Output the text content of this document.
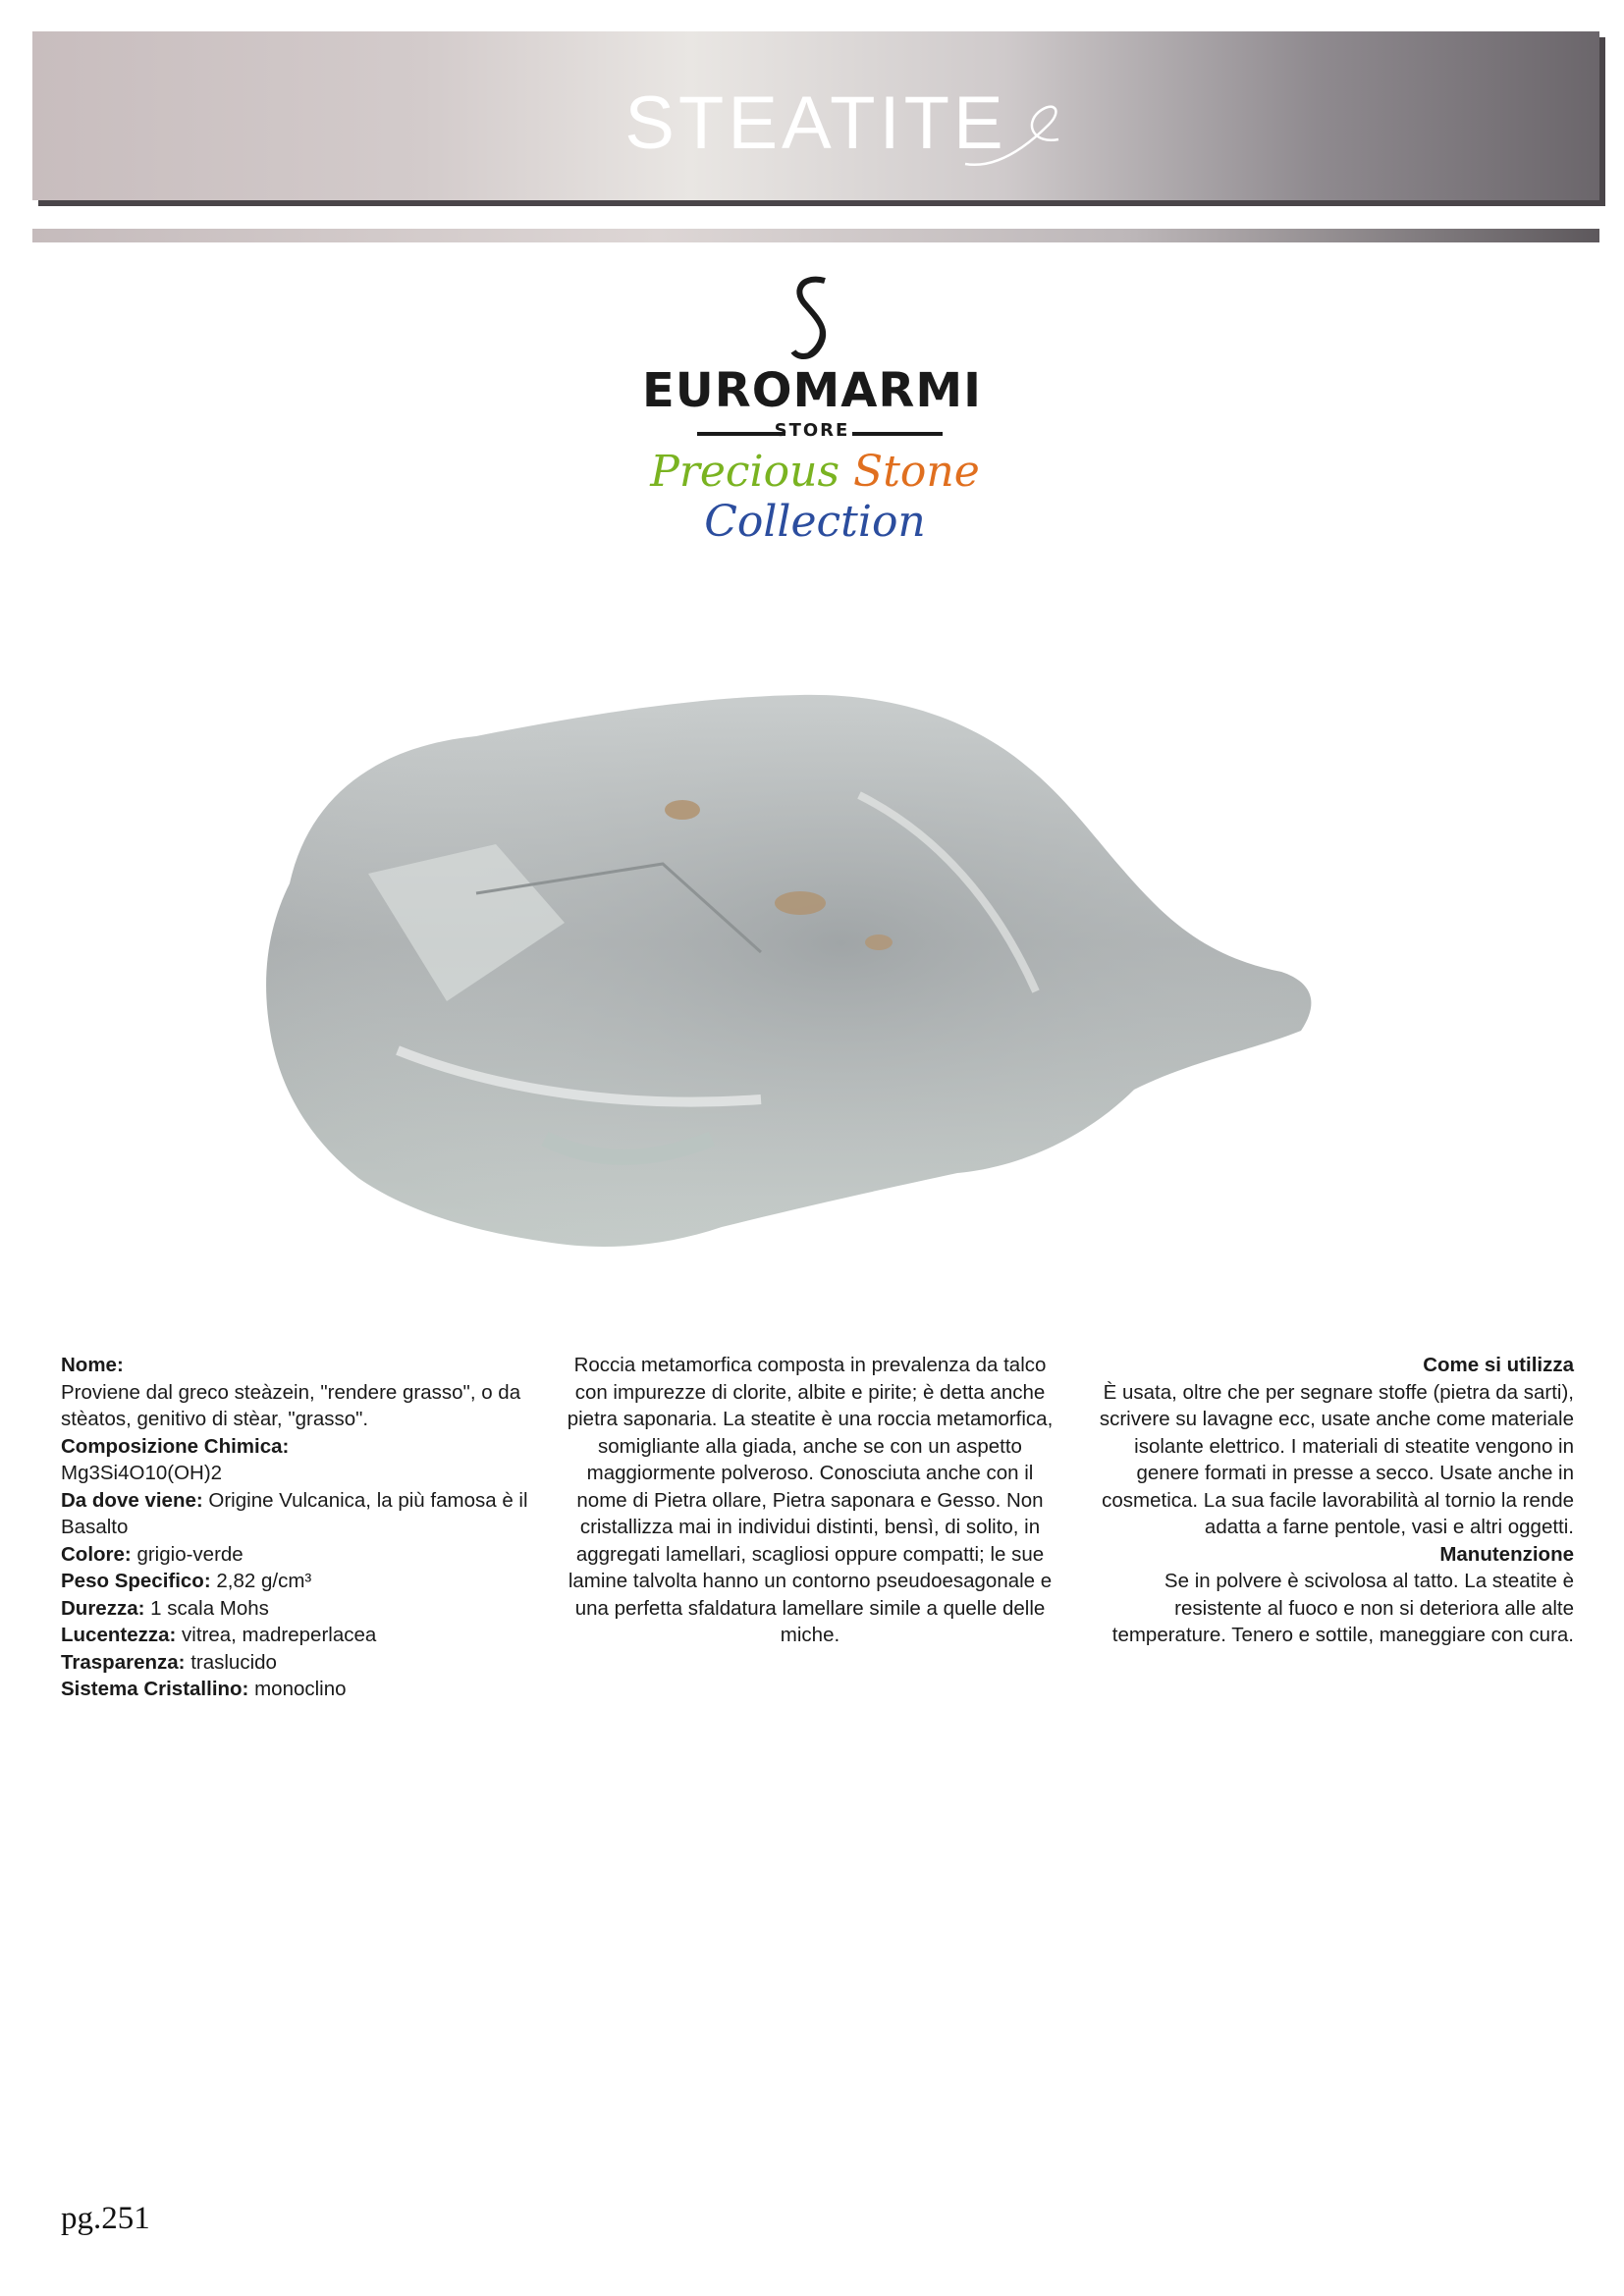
STEATITE
EUROMARMI
STORE
Precious Stone Collection

Nome:

Proviene dal greco steàzein, "rendere grasso", o da stèatos, genitivo di stèar, "grasso".

Composizione Chimica:

Mg3Si4O10(OH)2

Da dove viene: Origine Vulcanica, la più famosa è il Basalto

Colore: grigio-verde

Peso Specifico: 2,82 g/cm³

Durezza: 1 scala Mohs

Lucentezza: vitrea, madreperlacea

Trasparenza: traslucido

Sistema Cristallino: monoclino

Roccia metamorfica composta in prevalenza da talco con impurezze di clorite, albite e pirite; è detta anche pietra saponaria. La steatite è una roccia metamorfica, somigliante alla giada, anche se con un aspetto maggiormente polveroso. Conosciuta anche con il nome di Pietra ollare, Pietra saponara e Gesso. Non cristallizza mai in individui distinti, bensì, di solito, in aggregati lamellari, scagliosi oppure compatti; le sue lamine talvolta hanno un contorno pseudoesagonale e una perfetta sfaldatura lamellare simile a quelle delle miche.

Come si utilizza

È usata, oltre che per segnare stoffe (pietra da sarti), scrivere su lavagne ecc, usate anche come materiale isolante elettrico. I materiali di steatite vengono in genere formati in presse a secco. Usate anche in cosmetica. La sua facile lavorabilità al tornio la rende adatta a farne pentole, vasi e altri oggetti.

Manutenzione

Se in polvere è scivolosa al tatto. La steatite è resistente al fuoco e non si deteriora alle alte temperature. Tenero e sottile, maneggiare con cura.

pg.251
